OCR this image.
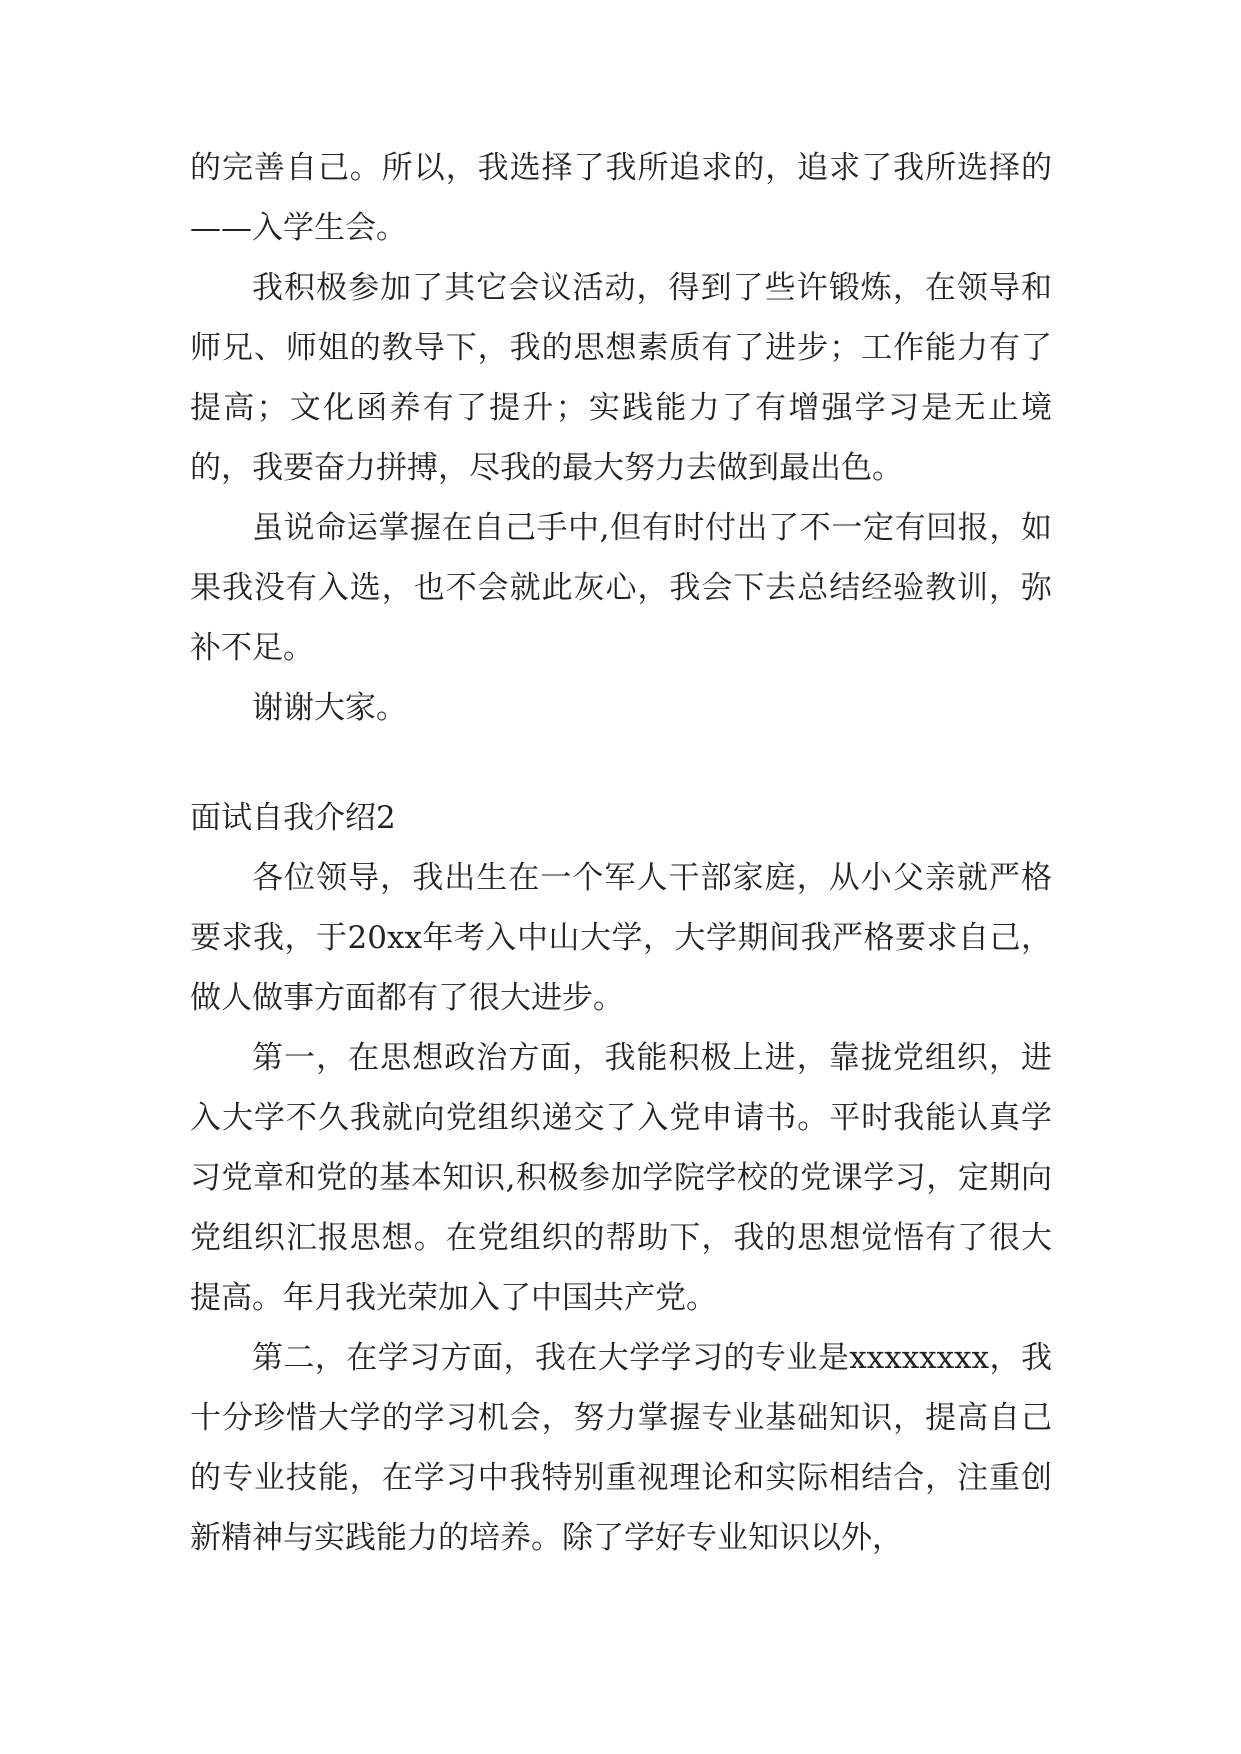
的完善自己。所以，我选择了我所追求的，追求了我所选择的——入学生会。

我积极参加了其它会议活动，得到了些许锻炼，在领导和师兄、师姐的教导下，我的思想素质有了进步；工作能力有了提高；文化函养有了提升；实践能力了有增强学习是无止境的，我要奋力拼搏，尽我的最大努力去做到最出色。

虽说命运掌握在自己手中,但有时付出了不一定有回报，如果我没有入选，也不会就此灰心，我会下去总结经验教训，弥补不足。

谢谢大家。

面试自我介绍2

各位领导，我出生在一个军人干部家庭，从小父亲就严格要求我，于20xx年考入中山大学，大学期间我严格要求自己，做人做事方面都有了很大进步。

第一，在思想政治方面，我能积极上进，靠拢党组织，进入大学不久我就向党组织递交了入党申请书。平时我能认真学习党章和党的基本知识,积极参加学院学校的党课学习，定期向党组织汇报思想。在党组织的帮助下，我的思想觉悟有了很大提高。年月我光荣加入了中国共产党。

第二，在学习方面，我在大学学习的专业是xxxxxxxx，我十分珍惜大学的学习机会，努力掌握专业基础知识，提高自己的专业技能，在学习中我特别重视理论和实际相结合，注重创新精神与实践能力的培养。除了学好专业知识以外，
